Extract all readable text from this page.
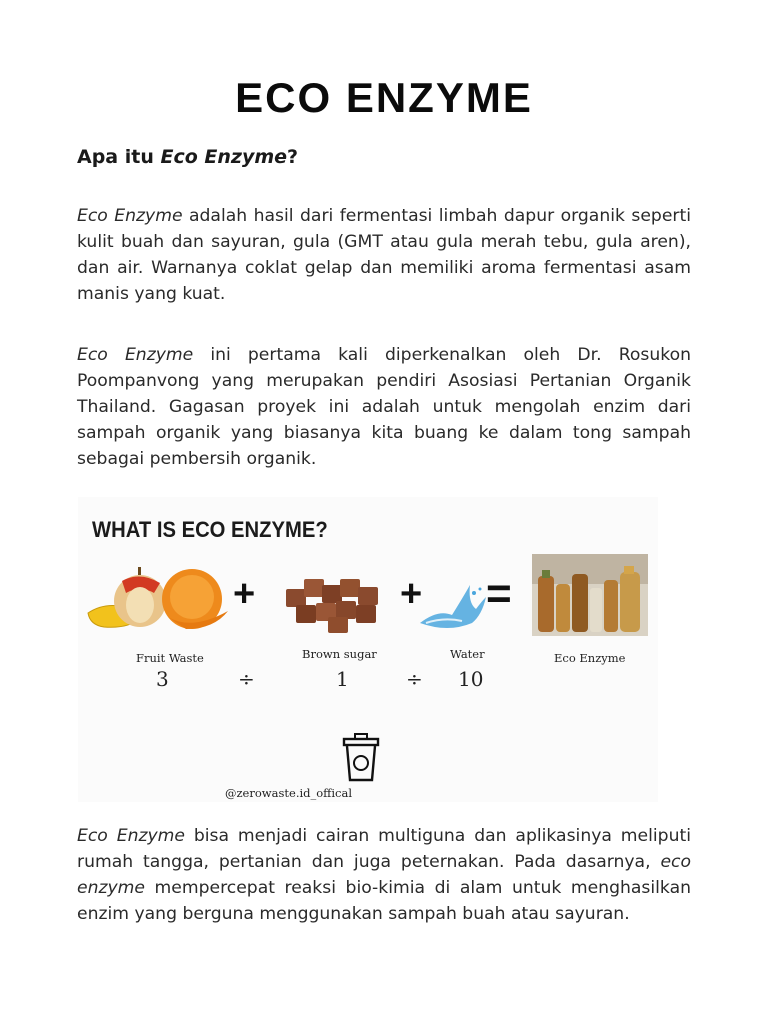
ECO ENZYME
Apa itu Eco Enzyme?
Eco Enzyme adalah hasil dari fermentasi limbah dapur organik seperti kulit buah dan sayuran, gula (GMT atau gula merah tebu, gula aren), dan air. Warnanya coklat gelap dan memiliki aroma fermentasi asam manis yang kuat.
Eco Enzyme ini pertama kali diperkenalkan oleh Dr. Rosukon Poompanvong yang merupakan pendiri Asosiasi Pertanian Organik Thailand. Gagasan proyek ini adalah untuk mengolah enzim dari sampah organik yang biasanya kita buang ke dalam tong sampah sebagai pembersih organik.
WHAT IS ECO ENZYME?
+	+ =
Fruit Waste	Brown sugar	Water	Eco Enzyme
3	÷	1	÷ 10
@zerowaste.id_offical
Eco Enzyme bisa menjadi cairan multiguna dan aplikasinya meliputi rumah tangga, pertanian dan juga peternakan. Pada dasarnya, eco enzyme mempercepat reaksi bio-kimia di alam untuk menghasilkan enzim yang berguna menggunakan sampah buah atau sayuran.
